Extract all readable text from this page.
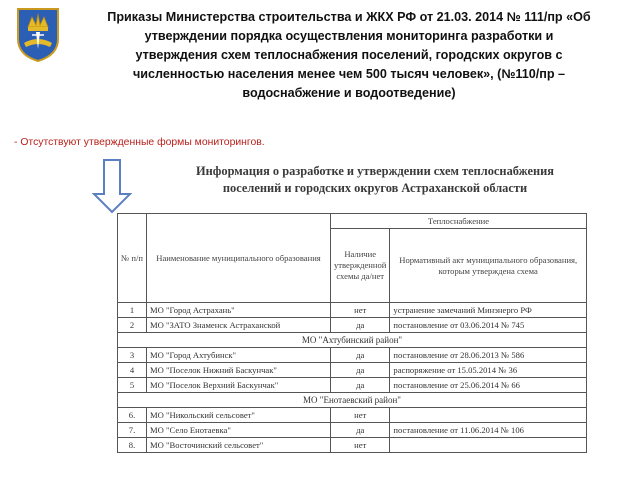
Приказы Министерства строительства и ЖКХ РФ от 21.03. 2014 № 111/пр «Об
утверждении порядка осуществления мониторинга разработки и
утверждения схем теплоснабжения поселений, городских округов с
численностью населения менее чем 500 тысяч человек», (№110/пр –
водоснабжение и водоотведение)
- Отсутствуют утвержденные формы мониторингов.
Информация о разработке и утверждении схем теплоснабжения
поселений и городских округов Астраханской области
№ п/п	Наименование муниципального образования	Теплоснабжение	
		Наличие утвержденной схемы да/нет	Нормативный акт муниципального образования, которым утверждена схема
1	МО "Город Астрахань"	нет	устранение замечаний Минэнерго РФ
2	МО "ЗАТО Знаменск Астраханской	да	постановление от 03.06.2014 № 745
МО "Ахтубинский район"			
3	МО "Город Ахтубинск"	да	постановление от 28.06.2013 № 586
4	МО "Поселок Нижний Баскунчак"	да	распоряжение от 15.05.2014 № 36
5	МО "Поселок Верхний Баскунчак"	да	постановление от 25.06.2014 № 66
МО "Енотаевский район"			
6.	МО "Никольский сельсовет"	нет	
7.	МО "Село Енотаевка"	да	постановление от 11.06.2014 № 106
8.	МО "Восточинский сельсовет"	нет	
